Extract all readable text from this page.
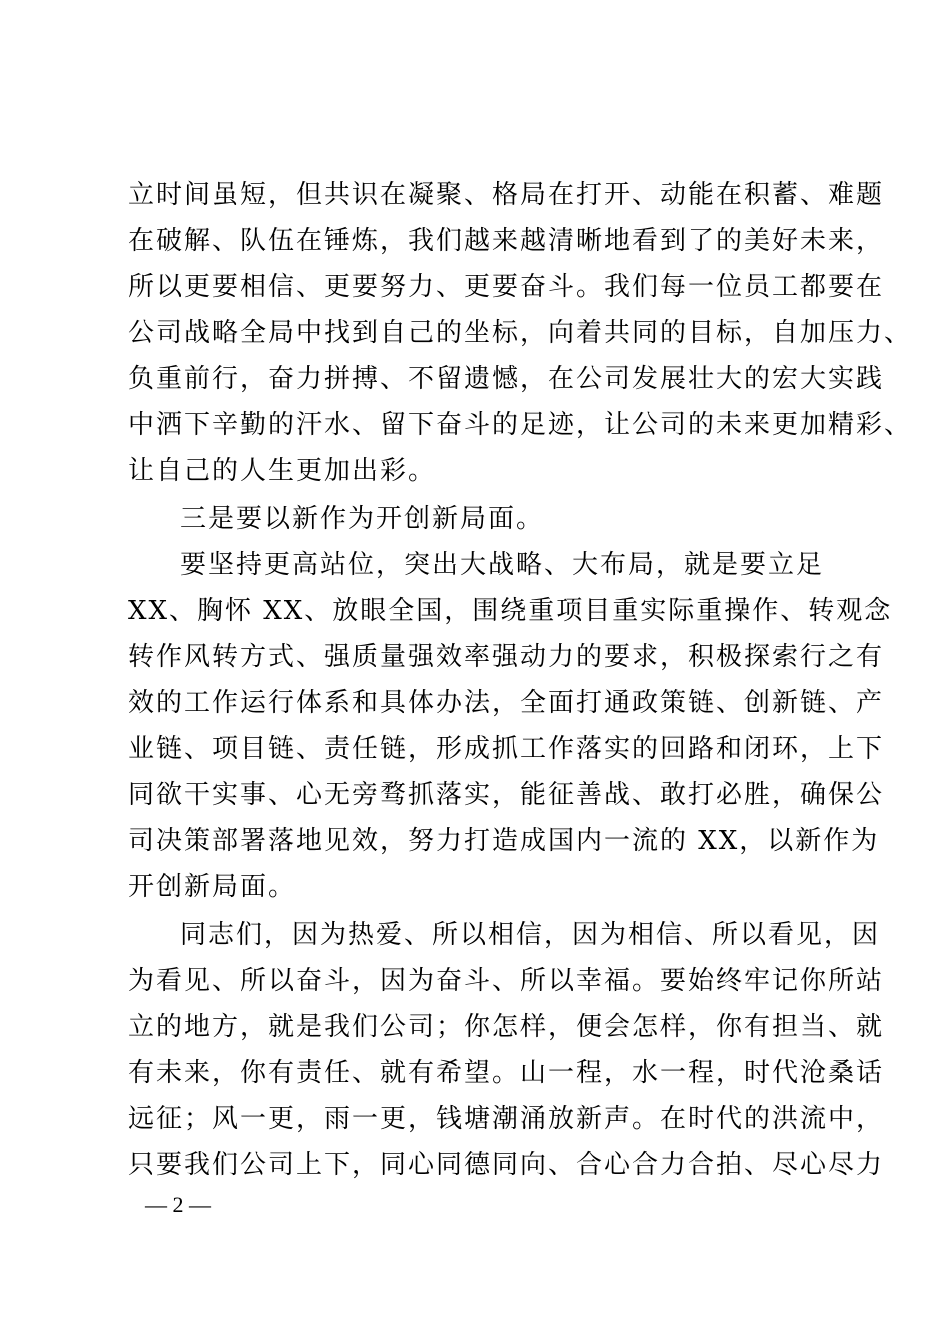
立时间虽短，但共识在凝聚、格局在打开、动能在积蓄、难题
在破解、队伍在锤炼，我们越来越清晰地看到了的美好未来，
所以更要相信、更要努力、更要奋斗。我们每一位员工都要在
公司战略全局中找到自己的坐标，向着共同的目标，自加压力、
负重前行，奋力拼搏、不留遗憾，在公司发展壮大的宏大实践
中洒下辛勤的汗水、留下奋斗的足迹，让公司的未来更加精彩、
让自己的人生更加出彩。
三是要以新作为开创新局面。
要坚持更高站位，突出大战略、大布局，就是要立足
XX、胸怀 XX、放眼全国，围绕重项目重实际重操作、转观念
转作风转方式、强质量强效率强动力的要求，积极探索行之有
效的工作运行体系和具体办法，全面打通政策链、创新链、产
业链、项目链、责任链，形成抓工作落实的回路和闭环，上下
同欲干实事、心无旁骛抓落实，能征善战、敢打必胜，确保公
司决策部署落地见效，努力打造成国内一流的 XX，以新作为
开创新局面。
同志们，因为热爱、所以相信，因为相信、所以看见，因
为看见、所以奋斗，因为奋斗、所以幸福。要始终牢记你所站
立的地方，就是我们公司；你怎样，便会怎样，你有担当、就
有未来，你有责任、就有希望。山一程，水一程，时代沧桑话
远征；风一更，雨一更，钱塘潮涌放新声。在时代的洪流中，
只要我们公司上下，同心同德同向、合心合力合拍、尽心尽力
— 2 —
